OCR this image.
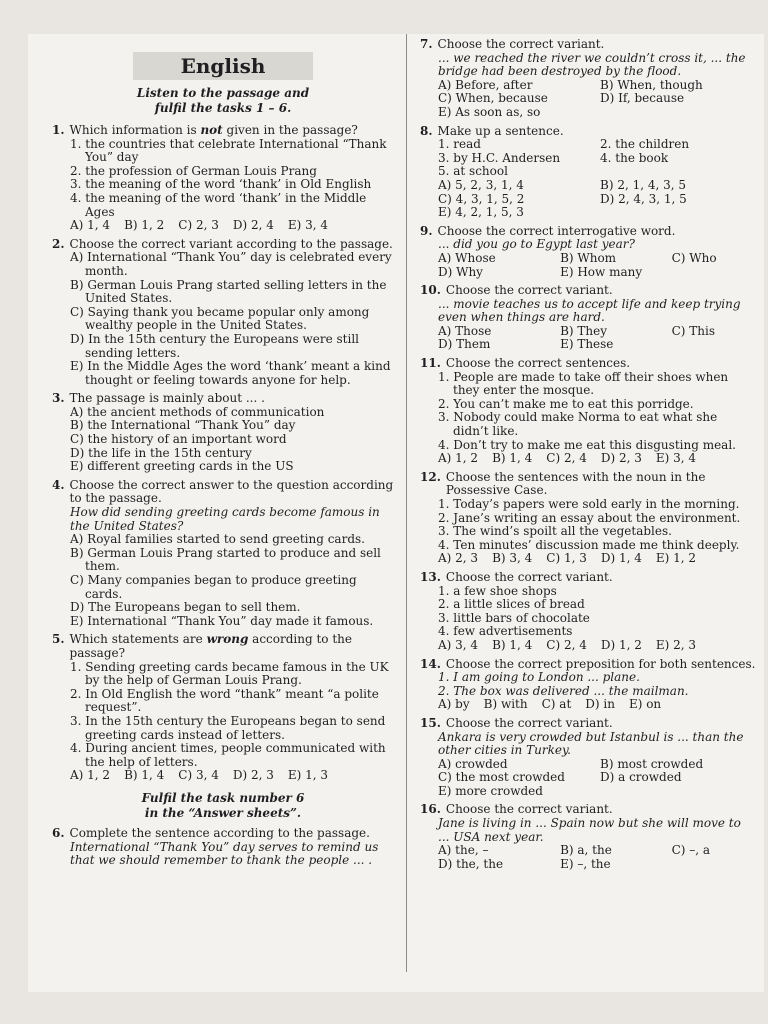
English
Listen to the passage and
fulfil the tasks 1 – 6.
1. Which information is not given in the passage?
1. the countries that celebrate International “Thank You” day
2. the profession of German Louis Prang
3. the meaning of the word ‘thank’ in Old English
4. the meaning of the word ‘thank’ in the Middle Ages
A) 1, 4 B) 1, 2 C) 2, 3 D) 2, 4 E) 3, 4
2. Choose the correct variant according to the passage.
A) International “Thank You” day is celebrated every month.
B) German Louis Prang started selling letters in the United States.
C) Saying thank you became popular only among wealthy people in the United States.
D) In the 15th century the Europeans were still sending letters.
E) In the Middle Ages the word ‘thank’ meant a kind thought or feeling towards anyone for help.
3. The passage is mainly about ... .
A) the ancient methods of communication
B) the International “Thank You” day
C) the history of an important word
D) the life in the 15th century
E) different greeting cards in the US
4. Choose the correct answer to the question according to the passage.
How did sending greeting cards become famous in the United States?
A) Royal families started to send greeting cards.
B) German Louis Prang started to produce and sell them.
C) Many companies began to produce greeting cards.
D) The Europeans began to sell them.
E) International “Thank You” day made it famous.
5. Which statements are wrong according to the passage?
1. Sending greeting cards became famous in the UK by the help of German Louis Prang.
2. In Old English the word “thank” meant “a polite request”.
3. In the 15th century the Europeans began to send greeting cards instead of letters.
4. During ancient times, people communicated with the help of letters.
A) 1, 2 B) 1, 4 C) 3, 4 D) 2, 3 E) 1, 3
Fulfil the task number 6
in the “Answer sheets”.
6. Complete the sentence according to the passage.
International “Thank You” day serves to remind us that we should remember to thank the people ... .
7. Choose the correct variant.
... we reached the river we couldn’t cross it, ... the bridge had been destroyed by the flood.
A) Before, after	B) When, though
C) When, because	D) If, because
E) As soon as, so
8. Make up a sentence.
1. read	2. the children
3. by H.C. Andersen	4. the book
5. at school
A) 5, 2, 3, 1, 4	B) 2, 1, 4, 3, 5
C) 4, 3, 1, 5, 2	D) 2, 4, 3, 1, 5
E) 4, 2, 1, 5, 3
9. Choose the correct interrogative word.
... did you go to Egypt last year?
A) Whose	B) Whom	C) Who
D) Why	E) How many
10. Choose the correct variant.
... movie teaches us to accept life and keep trying even when things are hard.
A) Those	B) They	C) This
D) Them	E) These
11. Choose the correct sentences.
1. People are made to take off their shoes when they enter the mosque.
2. You can’t make me to eat this porridge.
3. Nobody could make Norma to eat what she didn’t like.
4. Don’t try to make me eat this disgusting meal.
A) 1, 2 B) 1, 4 C) 2, 4 D) 2, 3 E) 3, 4
12. Choose the sentences with the noun in the Possessive Case.
1. Today’s papers were sold early in the morning.
2. Jane’s writing an essay about the environment.
3. The wind’s spoilt all the vegetables.
4. Ten minutes’ discussion made me think deeply.
A) 2, 3 B) 3, 4 C) 1, 3 D) 1, 4 E) 1, 2
13. Choose the correct variant.
1. a few shoe shops
2. a little slices of bread
3. little bars of chocolate
4. few advertisements
A) 3, 4 B) 1, 4 C) 2, 4 D) 1, 2 E) 2, 3
14. Choose the correct preposition for both sentences.
1. I am going to London ... plane.
2. The box was delivered ... the mailman.
A) by B) with C) at D) in E) on
15. Choose the correct variant.
Ankara is very crowded but Istanbul is ... than the other cities in Turkey.
A) crowded	B) most crowded
C) the most crowded	D) a crowded
E) more crowded
16. Choose the correct variant.
Jane is living in ... Spain now but she will move to ... USA next year.
A) the, –	B) a, the	C) –, a
D) the, the	E) –, the
